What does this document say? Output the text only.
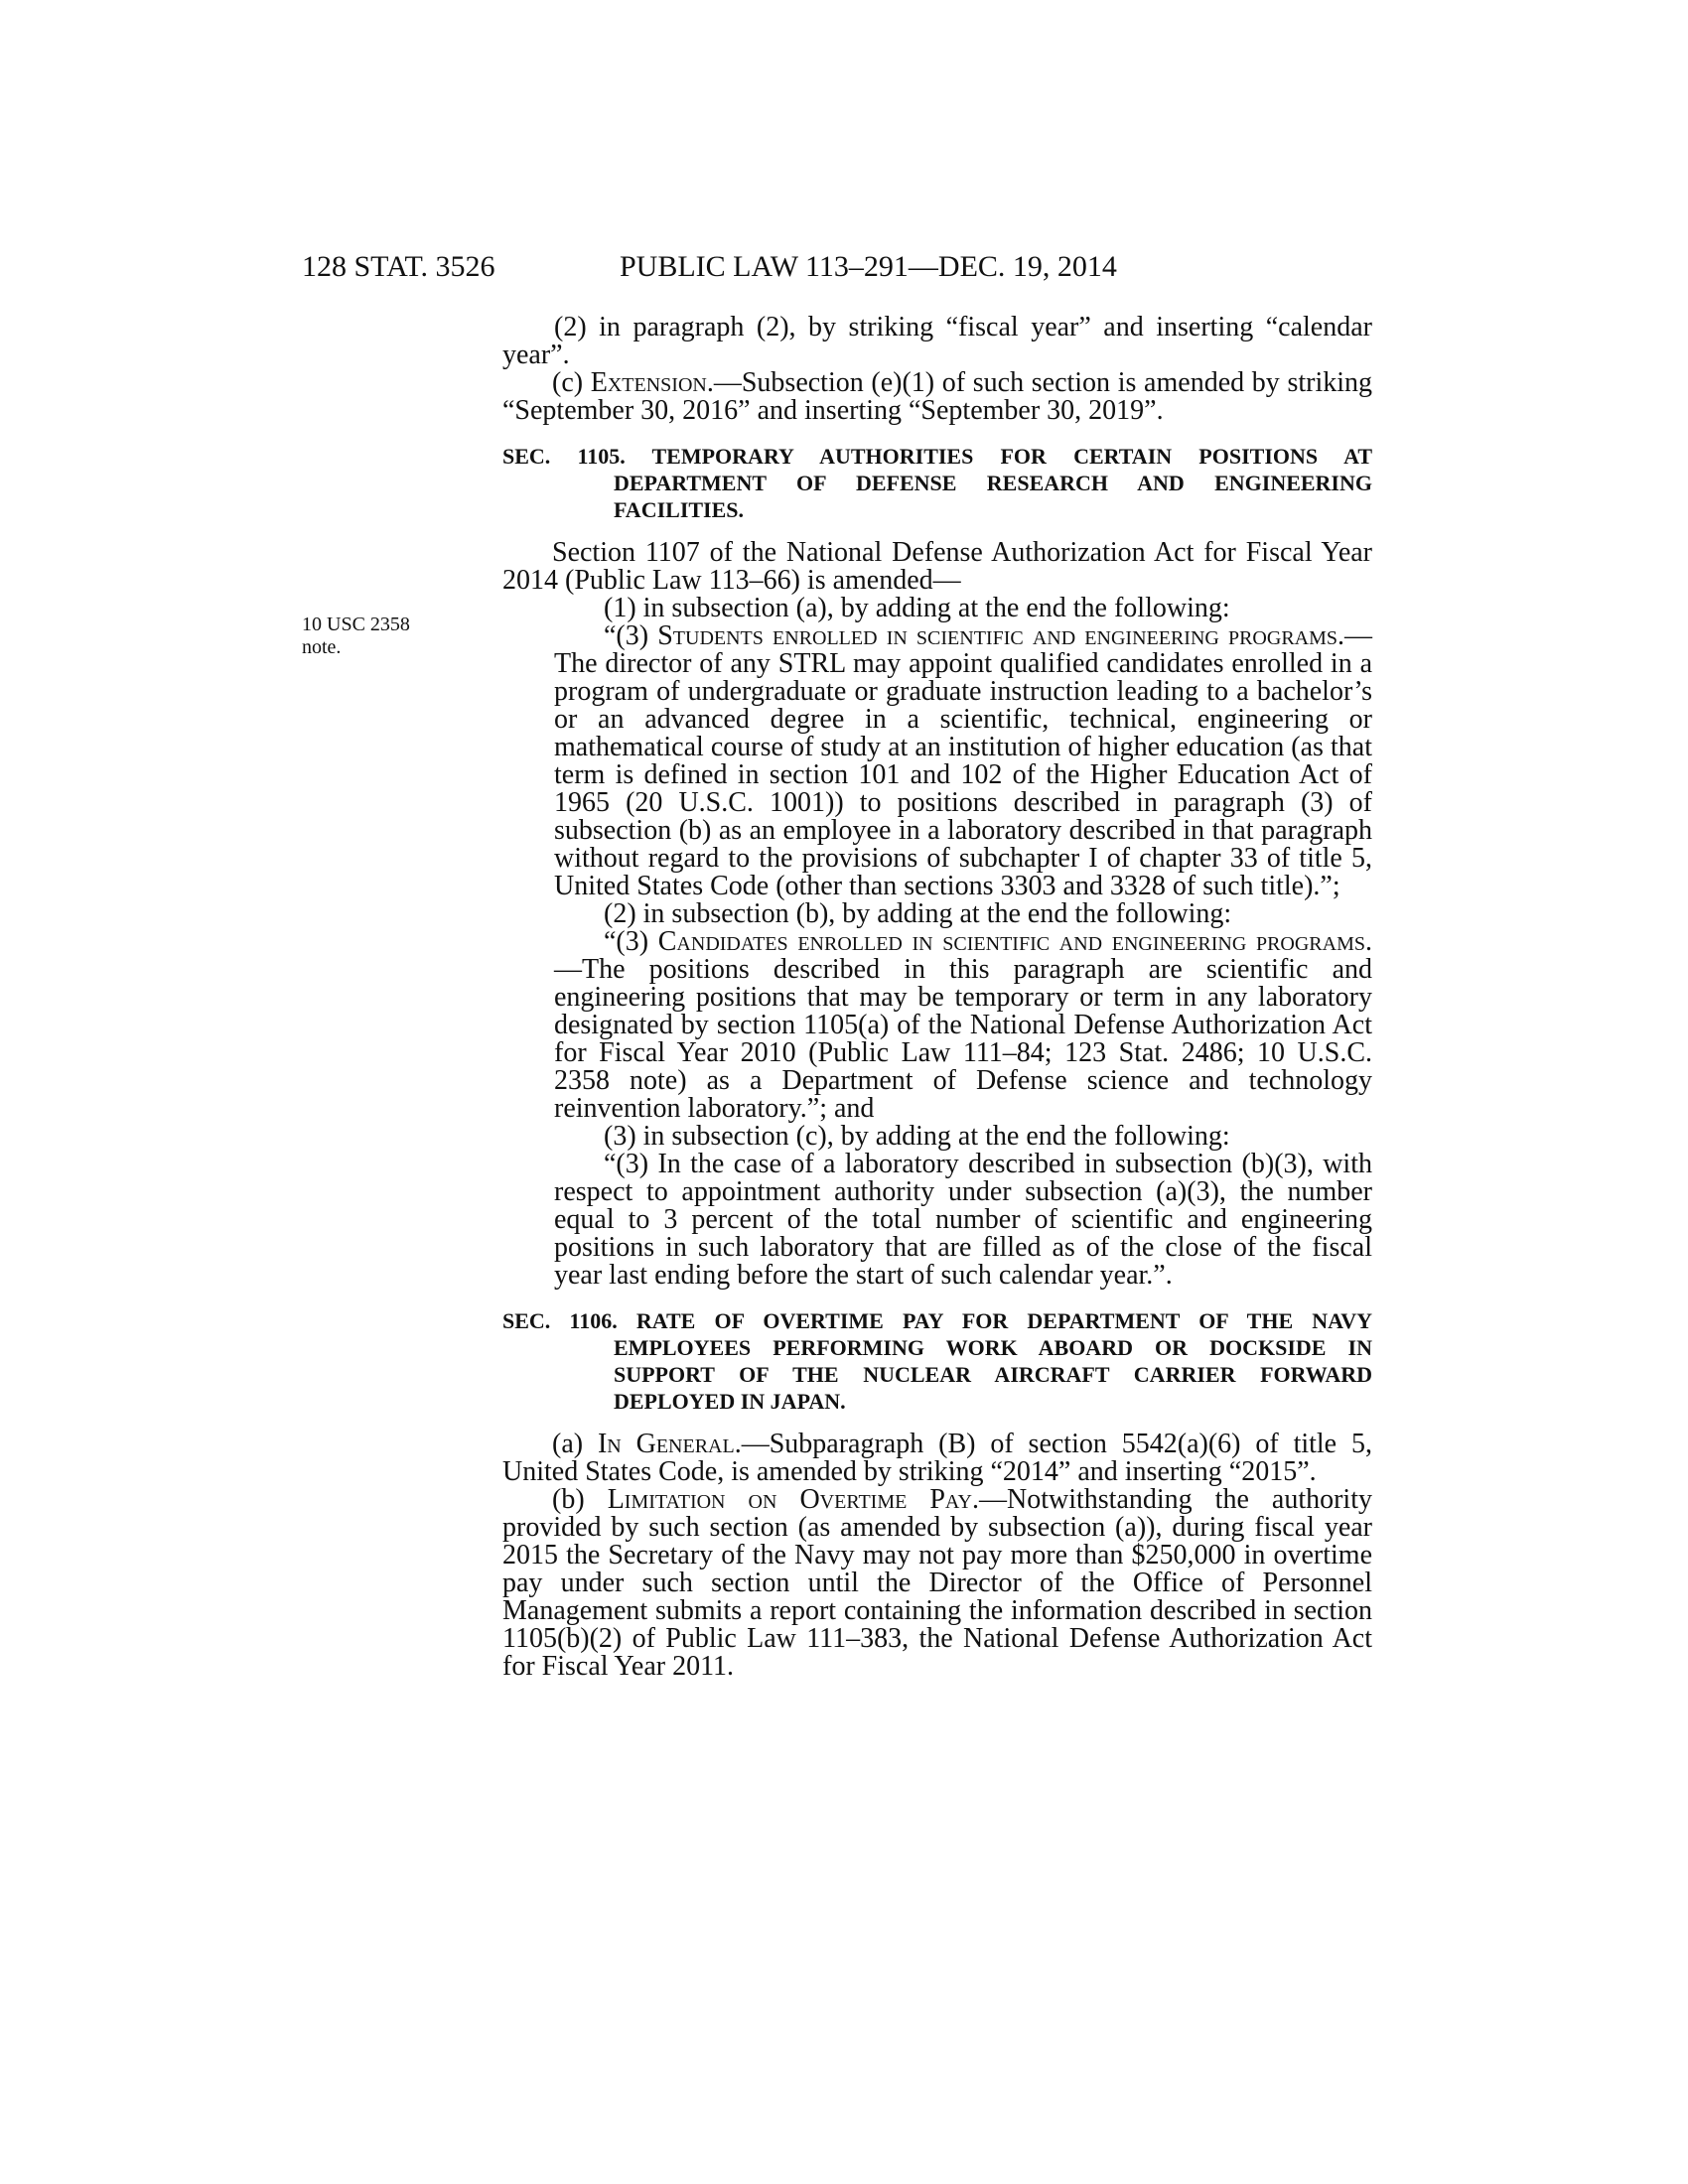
128 STAT. 3526	PUBLIC LAW 113–291—DEC. 19, 2014
10 USC 2358
note.

(2) in paragraph (2), by striking “fiscal year” and inserting “calendar year”.

(c) Extension.—Subsection (e)(1) of such section is amended by striking “September 30, 2016” and inserting “September 30, 2019”.

SEC. 1105. TEMPORARY AUTHORITIES FOR CERTAIN POSITIONS AT DEPARTMENT OF DEFENSE RESEARCH AND ENGINEERING FACILITIES.

Section 1107 of the National Defense Authorization Act for Fiscal Year 2014 (Public Law 113–66) is amended—

(1) in subsection (a), by adding at the end the following:

“(3) Students enrolled in scientific and engineering programs.—The director of any STRL may appoint qualified candidates enrolled in a program of undergraduate or graduate instruction leading to a bachelor’s or an advanced degree in a scientific, technical, engineering or mathematical course of study at an institution of higher education (as that term is defined in section 101 and 102 of the Higher Education Act of 1965 (20 U.S.C. 1001)) to positions described in paragraph (3) of subsection (b) as an employee in a laboratory described in that paragraph without regard to the provisions of subchapter I of chapter 33 of title 5, United States Code (other than sections 3303 and 3328 of such title).”;

(2) in subsection (b), by adding at the end the following:

“(3) Candidates enrolled in scientific and engineering programs.—The positions described in this paragraph are scientific and engineering positions that may be temporary or term in any laboratory designated by section 1105(a) of the National Defense Authorization Act for Fiscal Year 2010 (Public Law 111–84; 123 Stat. 2486; 10 U.S.C. 2358 note) as a Department of Defense science and technology reinvention laboratory.”; and

(3) in subsection (c), by adding at the end the following:

“(3) In the case of a laboratory described in subsection (b)(3), with respect to appointment authority under subsection (a)(3), the number equal to 3 percent of the total number of scientific and engineering positions in such laboratory that are filled as of the close of the fiscal year last ending before the start of such calendar year.”.

SEC. 1106. RATE OF OVERTIME PAY FOR DEPARTMENT OF THE NAVY EMPLOYEES PERFORMING WORK ABOARD OR DOCKSIDE IN SUPPORT OF THE NUCLEAR AIRCRAFT CARRIER FORWARD DEPLOYED IN JAPAN.

(a) In General.—Subparagraph (B) of section 5542(a)(6) of title 5, United States Code, is amended by striking “2014” and inserting “2015”.

(b) Limitation on Overtime Pay.—Notwithstanding the authority provided by such section (as amended by subsection (a)), during fiscal year 2015 the Secretary of the Navy may not pay more than $250,000 in overtime pay under such section until the Director of the Office of Personnel Management submits a report containing the information described in section 1105(b)(2) of Public Law 111–383, the National Defense Authorization Act for Fiscal Year 2011.
